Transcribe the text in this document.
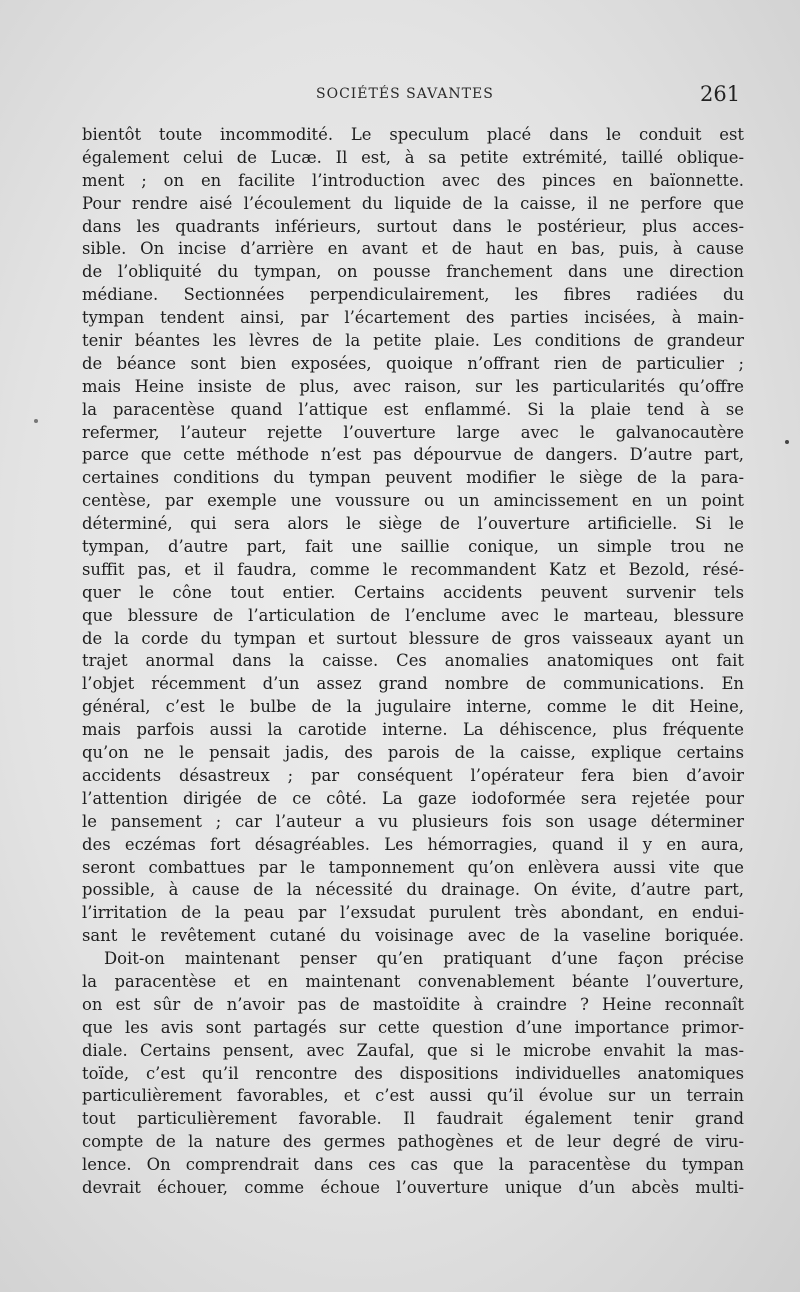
SOCIÉTÉS SAVANTES	261
bientôt toute incommodité. Le speculum placé dans le conduit est
également celui de Lucæ. Il est, à sa petite extrémité, taillé oblique-
ment ; on en facilite l’introduction avec des pinces en baïonnette.
Pour rendre aisé l’écoulement du liquide de la caisse, il ne perfore que
dans les quadrants inférieurs, surtout dans le postérieur, plus acces-
sible. On incise d’arrière en avant et de haut en bas, puis, à cause
de l’obliquité du tympan, on pousse franchement dans une direction
médiane. Sectionnées perpendiculairement, les fibres radiées du
tympan tendent ainsi, par l’écartement des parties incisées, à main-
tenir béantes les lèvres de la petite plaie. Les conditions de grandeur
de béance sont bien exposées, quoique n’offrant rien de particulier ;
mais Heine insiste de plus, avec raison, sur les particularités qu’offre
la paracentèse quand l’attique est enflammé. Si la plaie tend à se
refermer, l’auteur rejette l’ouverture large avec le galvanocautère
parce que cette méthode n’est pas dépourvue de dangers. D’autre part,
certaines conditions du tympan peuvent modifier le siège de la para-
centèse, par exemple une voussure ou un amincissement en un point
déterminé, qui sera alors le siège de l’ouverture artificielle. Si le
tympan, d’autre part, fait une saillie conique, un simple trou ne
suffit pas, et il faudra, comme le recommandent Katz et Bezold, résé-
quer le cône tout entier. Certains accidents peuvent survenir tels
que blessure de l’articulation de l’enclume avec le marteau, blessure
de la corde du tympan et surtout blessure de gros vaisseaux ayant un
trajet anormal dans la caisse. Ces anomalies anatomiques ont fait
l’objet récemment d’un assez grand nombre de communications. En
général, c’est le bulbe de la jugulaire interne, comme le dit Heine,
mais parfois aussi la carotide interne. La déhiscence, plus fréquente
qu’on ne le pensait jadis, des parois de la caisse, explique certains
accidents désastreux ; par conséquent l’opérateur fera bien d’avoir
l’attention dirigée de ce côté. La gaze iodoformée sera rejetée pour
le pansement ; car l’auteur a vu plusieurs fois son usage déterminer
des eczémas fort désagréables. Les hémorragies, quand il y en aura,
seront combattues par le tamponnement qu’on enlèvera aussi vite que
possible, à cause de la nécessité du drainage. On évite, d’autre part,
l’irritation de la peau par l’exsudat purulent très abondant, en endui-
sant le revêtement cutané du voisinage avec de la vaseline boriquée.
Doit-on maintenant penser qu’en pratiquant d’une façon précise
la paracentèse et en maintenant convenablement béante l’ouverture,
on est sûr de n’avoir pas de mastoïdite à craindre ? Heine reconnaît
que les avis sont partagés sur cette question d’une importance primor-
diale. Certains pensent, avec Zaufal, que si le microbe envahit la mas-
toïde, c’est qu’il rencontre des dispositions individuelles anatomiques
particulièrement favorables, et c’est aussi qu’il évolue sur un terrain
tout particulièrement favorable. Il faudrait également tenir grand
compte de la nature des germes pathogènes et de leur degré de viru-
lence. On comprendrait dans ces cas que la paracentèse du tympan
devrait échouer, comme échoue l’ouverture unique d’un abcès multi-
